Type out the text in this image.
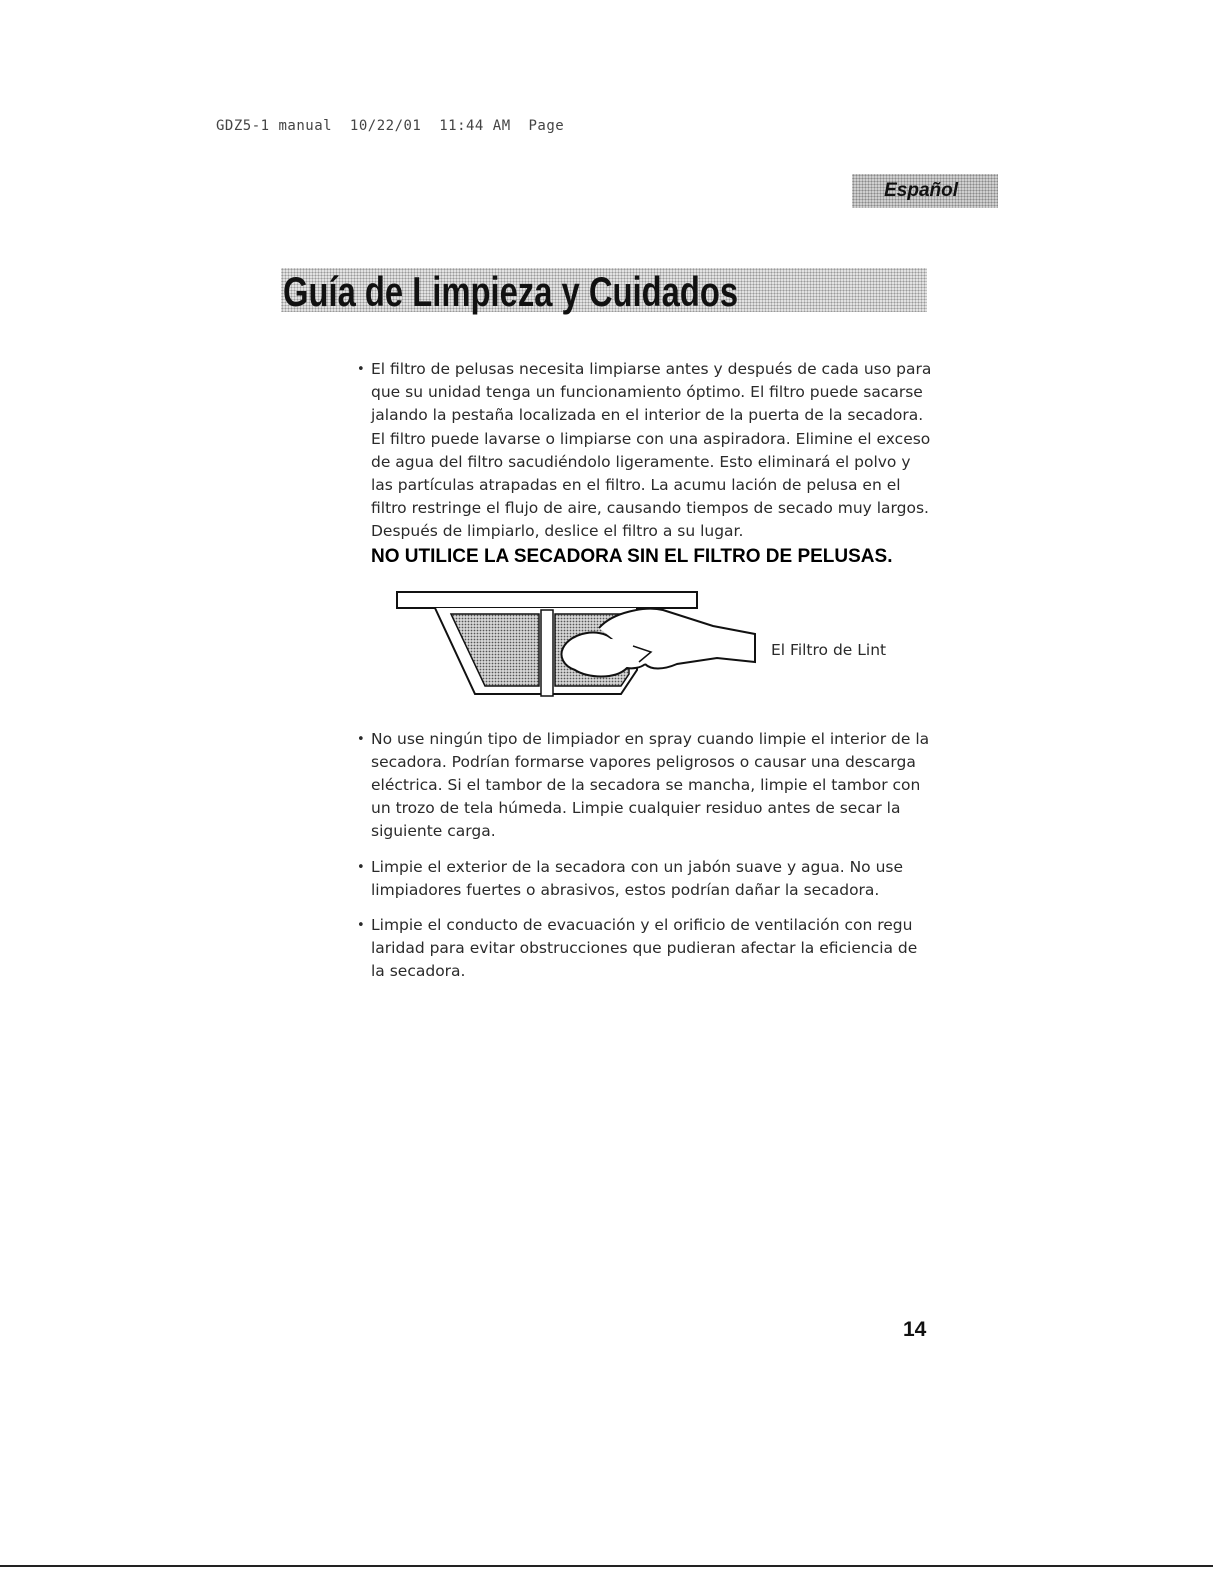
GDZ5-1 manual  10/22/01  11:44 AM  Page
Español
Guía de Limpieza y Cuidados
• El filtro de pelusas necesita limpiarse antes y después de cada uso para que su unidad tenga un funcionamiento óptimo. El filtro puede sacarse jalando la pestaña localizada en el interior de la puerta de la secadora. El filtro puede lavarse o limpiarse con una aspiradora. Elimine el exceso de agua del filtro sacudiéndolo ligeramente. Esto eliminará el polvo y las partículas atrapadas en el filtro. La acumu lación de pelusa en el filtro restringe el flujo de aire, causando tiempos de secado muy largos. Después de limpiarlo, deslice el filtro a su lugar.

NO UTILICE LA SECADORA SIN EL FILTRO DE PELUSAS.
El Filtro de Lint
• No use ningún tipo de limpiador en spray cuando limpie el interior de la secadora. Podrían formarse vapores peligrosos o causar una descarga eléctrica. Si el tambor de la secadora se mancha, limpie el tambor con un trozo de tela húmeda. Limpie cualquier residuo antes de secar la siguiente carga.

• Limpie el exterior de la secadora con un jabón suave y agua. No use limpiadores fuertes o abrasivos, estos podrían dañar la secadora.

• Limpie el conducto de evacuación y el orificio de ventilación con regu laridad para evitar obstrucciones que pudieran afectar la eficiencia de la secadora.

14
